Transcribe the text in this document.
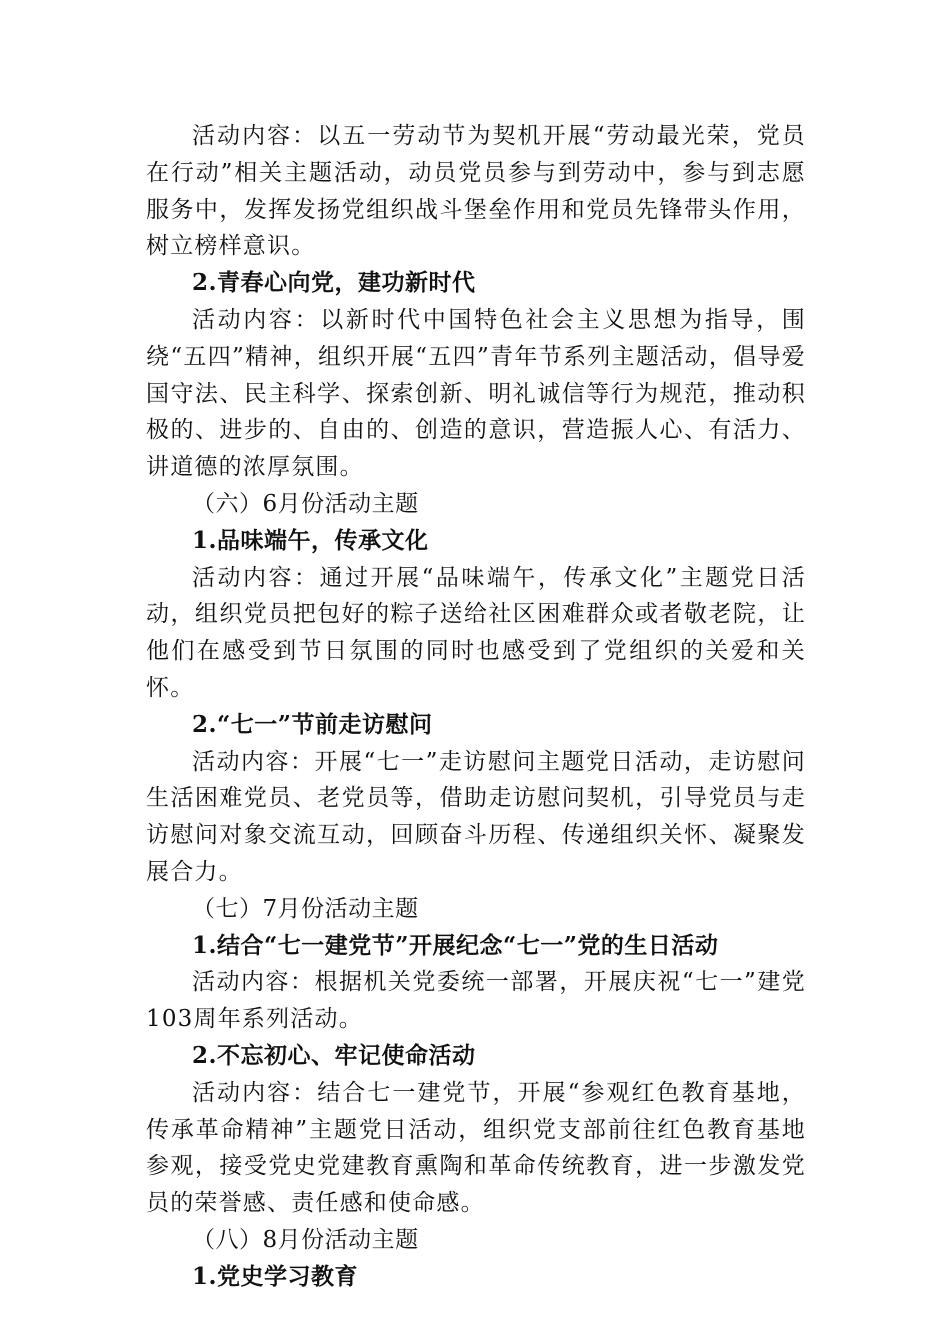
活动内容：以五一劳动节为契机开展“劳动最光荣，党员在行动”相关主题活动，动员党员参与到劳动中，参与到志愿服务中，发挥发扬党组织战斗堡垒作用和党员先锋带头作用，树立榜样意识。

2.青春心向党，建功新时代

活动内容：以新时代中国特色社会主义思想为指导，围绕“五四”精神，组织开展“五四”青年节系列主题活动，倡导爱国守法、民主科学、探索创新、明礼诚信等行为规范，推动积极的、进步的、自由的、创造的意识，营造振人心、有活力、讲道德的浓厚氛围。

（六）6月份活动主题

1.品味端午，传承文化

活动内容：通过开展“品味端午，传承文化”主题党日活动，组织党员把包好的粽子送给社区困难群众或者敬老院，让他们在感受到节日氛围的同时也感受到了党组织的关爱和关怀。

2.“七一”节前走访慰问

活动内容：开展“七一”走访慰问主题党日活动，走访慰问生活困难党员、老党员等，借助走访慰问契机，引导党员与走访慰问对象交流互动，回顾奋斗历程、传递组织关怀、凝聚发展合力。

（七）7月份活动主题

1.结合“七一建党节”开展纪念“七一”党的生日活动

活动内容：根据机关党委统一部署，开展庆祝“七一”建党103周年系列活动。

2.不忘初心、牢记使命活动

活动内容：结合七一建党节，开展“参观红色教育基地，传承革命精神”主题党日活动，组织党支部前往红色教育基地参观，接受党史党建教育熏陶和革命传统教育，进一步激发党员的荣誉感、责任感和使命感。

（八）8月份活动主题

1.党史学习教育
